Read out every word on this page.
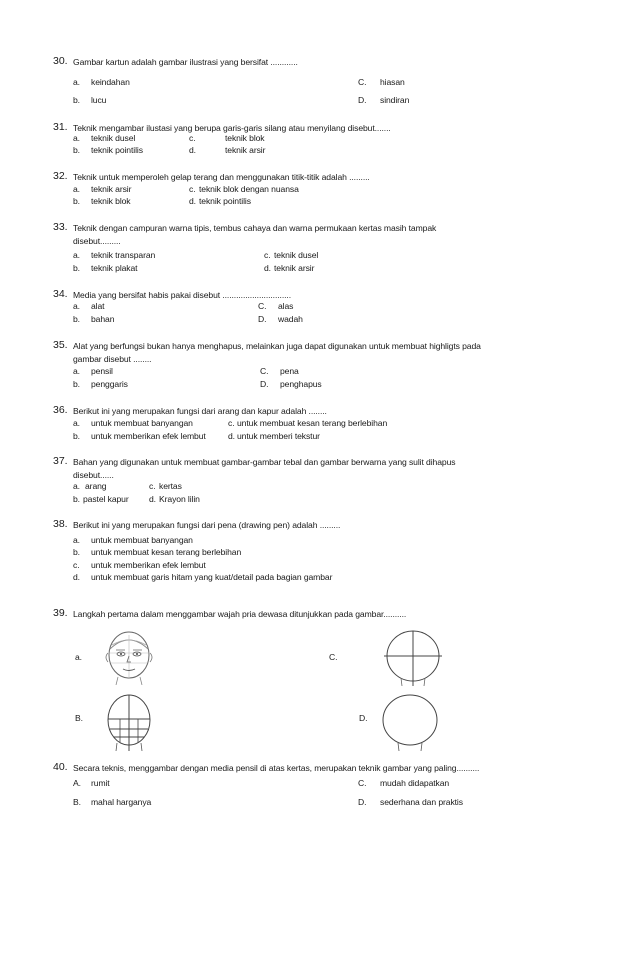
30. Gambar kartun adalah gambar ilustrasi yang bersifat ............
a. keindahan
b. lucu
C. hiasan
D. sindiran
31. Teknik mengambar ilustasi yang berupa garis-garis silang atau menyilang disebut.......
a. teknik dusel
b. teknik pointilis
c.	teknik blok
d.	teknik arsir
32. Teknik untuk memperoleh gelap terang dan menggunakan titik-titik adalah .........
a. teknik arsir
b. teknik blok
c. teknik blok dengan nuansa
d. teknik pointilis
33. Teknik dengan campuran warna tipis, tembus cahaya dan warna permukaan kertas masih tampak
disebut.........
a. teknik transparan
b. teknik plakat
c. teknik dusel
d. teknik arsir
34. Media yang bersifat habis pakai disebut ..............................
a. alat
b. bahan
C. alas
D. wadah
35. Alat yang berfungsi bukan hanya menghapus, melainkan juga dapat digunakan untuk membuat highligts pada
gambar disebut ........
a. pensil
b. penggaris
C. pena
D. penghapus
36. Berikut ini yang merupakan fungsi dari arang dan kapur adalah ........
a. untuk membuat banyangan
b. untuk memberikan efek lembut
c. untuk membuat kesan terang berlebihan
d. untuk memberi tekstur
37. Bahan yang digunakan untuk membuat gambar-gambar tebal dan gambar berwarna yang sulit dihapus
disebut......
a. arang
b. pastel kapur
c. kertas
d. Krayon lilin
38. Berikut ini yang merupakan fungsi dari pena (drawing pen) adalah .........
a. untuk membuat banyangan
b. untuk membuat kesan terang berlebihan
c. untuk memberikan efek lembut
d. untuk membuat garis hitam yang kuat/detail pada bagian gambar
39. Langkah pertama dalam menggambar wajah pria dewasa ditunjukkan pada gambar..........
a.	C.
B.	D.
40. Secara teknis, menggambar dengan media pensil di atas kertas, merupakan teknik gambar yang paling..........
A. rumit
B. mahal harganya
C. mudah didapatkan
D. sederhana dan praktis
